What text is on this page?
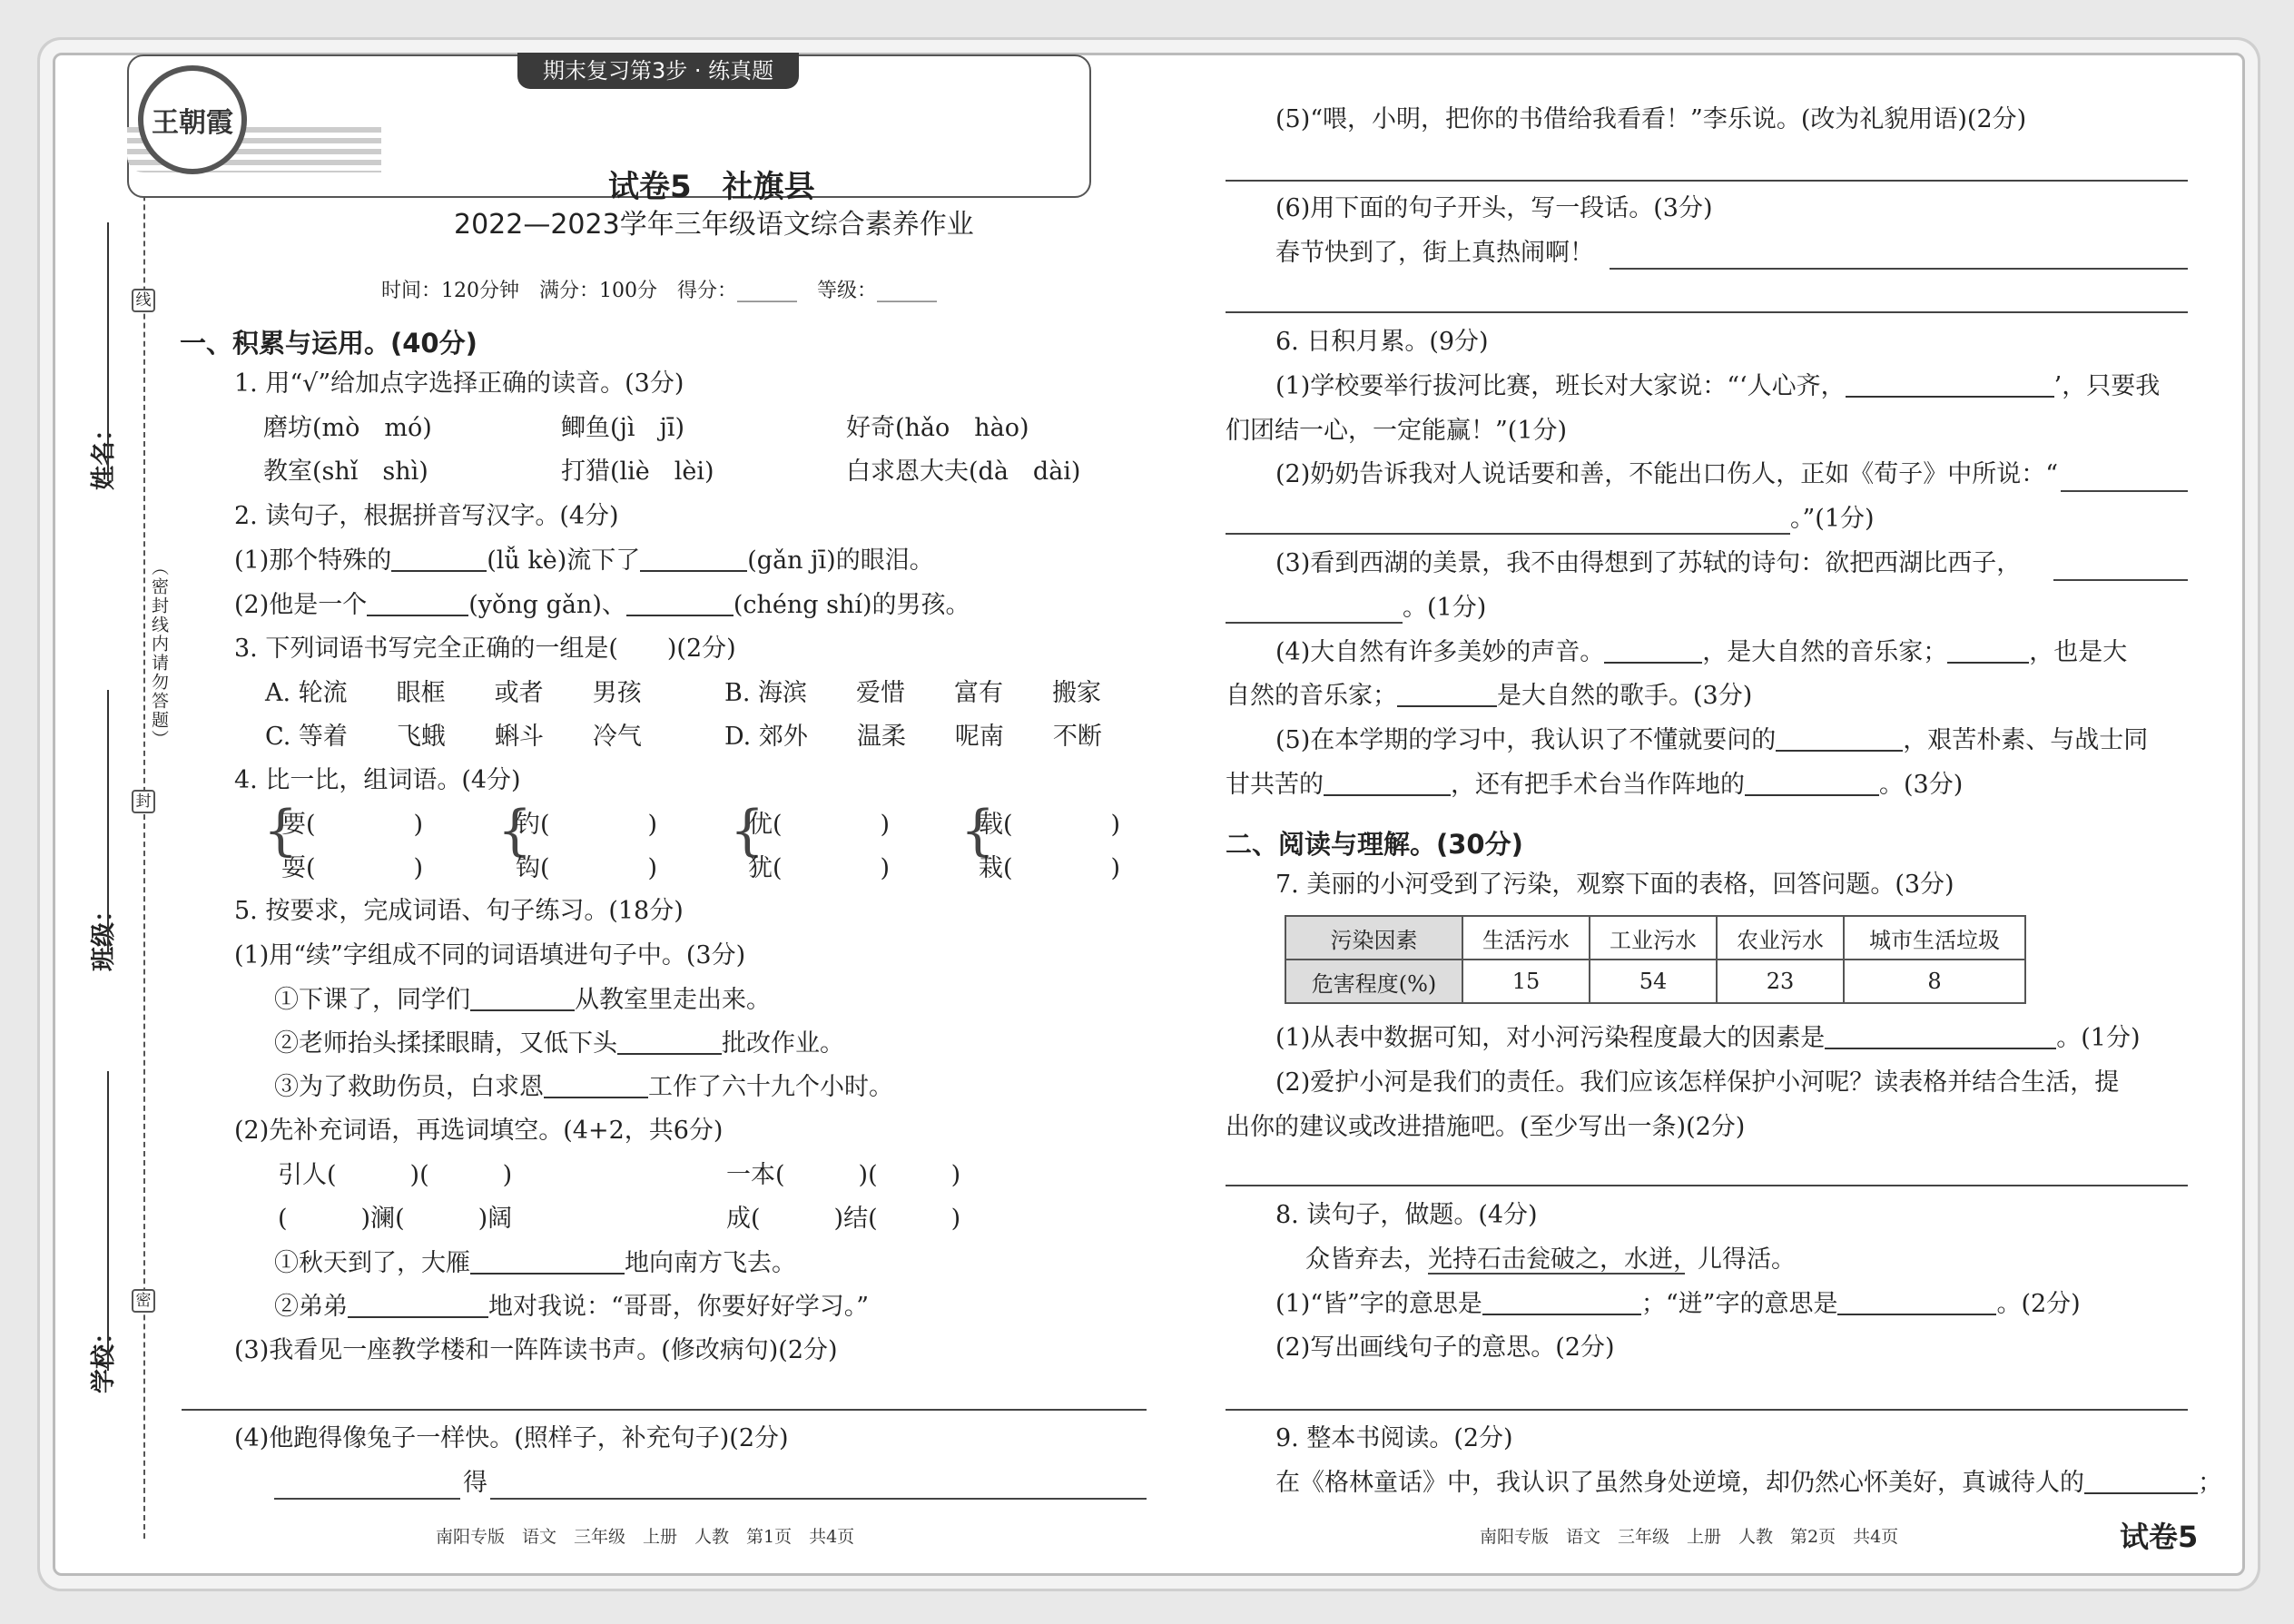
姓名：
班级：
学校：
线
封
密
（密封线内请勿答题）
王朝霞
期末复习第3步 · 练真题
试卷5　社旗县
2022—2023学年三年级语文综合素养作业
时间：120分钟　满分：100分　得分：______　等级：______
一、积累与运用。(40分)
1. 用“√”给加点字选择正确的读音。(3分)
磨坊(mò　mó)	鲫鱼(jì　jī)	好奇(hǎo　hào)
教室(shǐ　shì)	打猎(liè　lèi)	白求恩大夫(dà　dài)
2. 读句子，根据拼音写汉字。(4分)
(1)那个特殊的	(lǚ kè)流下了	(gǎn jī)的眼泪。
(2)他是一个	(yǒng gǎn)、	(chéng shí)的男孩。
3. 下列词语书写完全正确的一组是(　　)(2分)
A. 轮流　　眼框　　或者　　男孩	B. 海滨　　爱惜　　富有　　搬家
C. 等着　　飞蛾　　蝌斗　　冷气	D. 郊外　　温柔　　呢南　　不断
4. 比一比，组词语。(4分)
{
要(　　　　)
耍(　　　　)
{
钓(　　　　)
钩(　　　　)
{
优(　　　　)
犹(　　　　)
{
载(　　　　)
栽(　　　　)
5. 按要求，完成词语、句子练习。(18分)
(1)用“续”字组成不同的词语填进句子中。(3分)
①下课了，同学们	从教室里走出来。
②老师抬头揉揉眼睛，又低下头	批改作业。
③为了救助伤员，白求恩	工作了六十九个小时。
(2)先补充词语，再选词填空。(4+2，共6分)
引人(　　　)(　　　)	一本(　　　)(　　　)
(　　　)澜(　　　)阔	成(　　　)结(　　　)
①秋天到了，大雁	地向南方飞去。
②弟弟	地对我说：“哥哥，你要好好学习。”
(3)我看见一座教学楼和一阵阵读书声。(修改病句)(2分)
(4)他跑得像兔子一样快。(照样子，补充句子)(2分)
得
南阳专版　语文　三年级　上册　人教　第1页　共4页
(5)“喂，小明，把你的书借给我看看！”李乐说。(改为礼貌用语)(2分)
(6)用下面的句子开头，写一段话。(3分)
春节快到了，街上真热闹啊！
6. 日积月累。(9分)
(1)学校要举行拔河比赛，班长对大家说：“‘人心齐，	’，只要我
们团结一心，一定能赢！”(1分)
(2)奶奶告诉我对人说话要和善，不能出口伤人，正如《荀子》中所说：“
。”(1分)
(3)看到西湖的美景，我不由得想到了苏轼的诗句：欲把西湖比西子，
。(1分)
(4)大自然有许多美妙的声音。	，是大自然的音乐家；	，也是大
自然的音乐家；	是大自然的歌手。(3分)
(5)在本学期的学习中，我认识了不懂就要问的	，艰苦朴素、与战士同
甘共苦的	，还有把手术台当作阵地的	。(3分)
二、阅读与理解。(30分)
7. 美丽的小河受到了污染，观察下面的表格，回答问题。(3分)
污染因素	生活污水	工业污水	农业污水	城市生活垃圾
危害程度(%)	15	54	23	8
(1)从表中数据可知，对小河污染程度最大的因素是	。(1分)
(2)爱护小河是我们的责任。我们应该怎样保护小河呢？读表格并结合生活，提
出你的建议或改进措施吧。(至少写出一条)(2分)
8. 读句子，做题。(4分)
众皆弃去，光持石击瓮破之，水迸，儿得活。
(1)“皆”字的意思是	；“迸”字的意思是	。(2分)
(2)写出画线句子的意思。(2分)
9. 整本书阅读。(2分)
在《格林童话》中，我认识了虽然身处逆境，却仍然心怀美好，真诚待人的	；
南阳专版　语文　三年级　上册　人教　第2页　共4页	试卷5
